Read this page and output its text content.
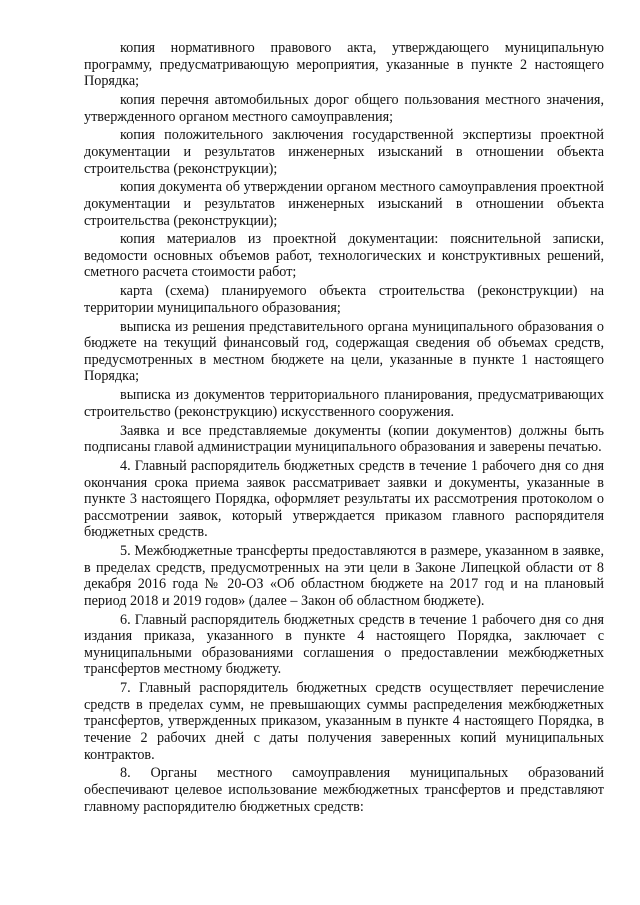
копия нормативного правового акта, утверждающего муниципальную программу, предусматривающую мероприятия, указанные в пункте 2 настоящего Порядка;

копия перечня автомобильных дорог общего пользования местного значения, утвержденного органом местного самоуправления;

копия положительного заключения государственной экспертизы проектной документации и результатов инженерных изысканий в отношении объекта строительства (реконструкции);

копия документа об утверждении органом местного самоуправления проектной документации и результатов инженерных изысканий в отношении объекта строительства (реконструкции);

копия материалов из проектной документации: пояснительной записки, ведомости основных объемов работ, технологических и конструктивных решений, сметного расчета стоимости работ;

карта (схема) планируемого объекта строительства (реконструкции) на территории муниципального образования;

выписка из решения представительного органа муниципального образования о бюджете на текущий финансовый год, содержащая сведения об объемах средств, предусмотренных в местном бюджете на цели, указанные в пункте 1 настоящего Порядка;

выписка из документов территориального планирования, предусматривающих строительство (реконструкцию) искусственного сооружения.

Заявка и все представляемые документы (копии документов) должны быть подписаны главой администрации муниципального образования и заверены печатью.

4. Главный распорядитель бюджетных средств в течение 1 рабочего дня со дня окончания срока приема заявок рассматривает заявки и документы, указанные в пункте 3 настоящего Порядка, оформляет результаты их рассмотрения протоколом о рассмотрении заявок, который утверждается приказом главного распорядителя бюджетных средств.

5. Межбюджетные трансферты предоставляются в размере, указанном в заявке, в пределах средств, предусмотренных на эти цели в Законе Липецкой области от 8 декабря 2016 года № 20-ОЗ «Об областном бюджете на 2017 год и на плановый период 2018 и 2019 годов» (далее – Закон об областном бюджете).

6. Главный распорядитель бюджетных средств в течение 1 рабочего дня со дня издания приказа, указанного в пункте 4 настоящего Порядка, заключает с муниципальными образованиями соглашения о предоставлении межбюджетных трансфертов местному бюджету.

7. Главный распорядитель бюджетных средств осуществляет перечисление средств в пределах сумм, не превышающих суммы распределения межбюджетных трансфертов, утвержденных приказом, указанным в пункте 4 настоящего Порядка, в течение 2 рабочих дней с даты получения заверенных копий муниципальных контрактов.

8. Органы местного самоуправления муниципальных образований обеспечивают целевое использование межбюджетных трансфертов и представляют главному распорядителю бюджетных средств:
